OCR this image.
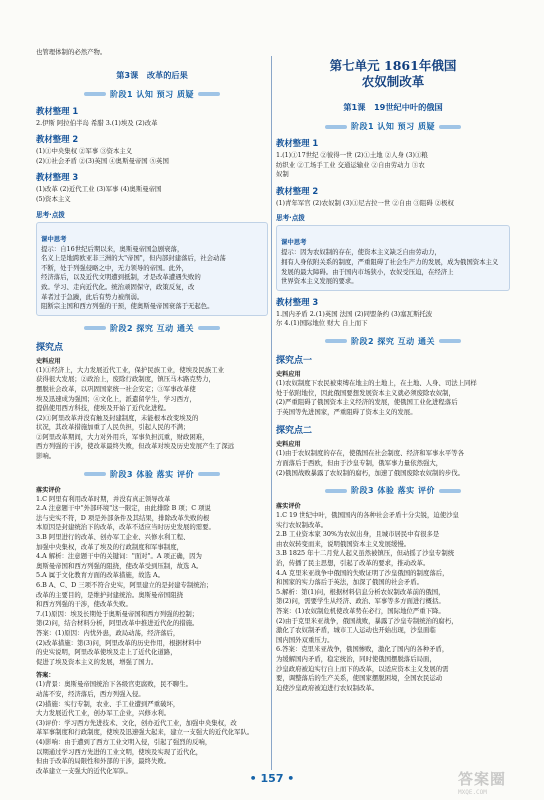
也管理体制的必然产物。

第3课 改革的后果
阶段1 认知 预习 质疑
教材整理 1

2.伊斯 阿拉伯半岛 希腊 3.(1)埃及 (2)改革

教材整理 2

(1)①中央集权 ②军事 ③资本主义

(2)①社会矛盾 ②(3)英国 ④奥斯曼帝国 ⑤英国

教材整理 3

(1)改革 (2)近代工业 (3)军事 (4)奥斯曼帝国

(5)资本主义

思考·点拨
课中思考

提示：自16世纪后期以来，奥斯曼帝国急剧衰落，

名义上是地跨欧亚非三洲的大"帝国"，但内部封建落后，社会动荡

不断，处于列强侵略之中，无力领导的帝国。此外，

经济落后，以及近代文明遭到抵制，才是改革遭遇失败的

致。学习、走向近代化。统治顽固保守，政策反复，改

革者过于急躁，此后有势力被削弱。

阻断宗主国和西方列强的干预，使奥斯曼帝国衰落于无起色。

阶段2 探究 互动 通关
探究点
史料应用

(1)①经济上，大力发展近代工业，保护民族工业，使埃及民族工业

获得很大发展；②政治上，废除行政制度，镇压马木路克势力，

摆脱社会改革，以巩固国家统一社会安定；③军事改革使

埃及迅速成为强国；④文化上，派遣留学生，学习西方，

提倡使用西方科技，使埃及开始了近代化进程。

(2)①阿里改革并没有触及封建制度，未能根本改变埃及的

状况，其改革措施加重了人民负担，引起人民的不满；

②阿里改革期间，大力对外用兵，军事负担沉重，财政困难，

西方列强的干涉，使改革最终失败，但改革对埃及历史发展产生了深远

影响。

阶段3 体验 落实 评价
落实评价

1.C 阿里有利用改革时期，并没有真正领导改革

2.A 注意题干中"外部环境"这一限定，由此排除 B 项；C 项说

法与史实不符，D 项是外部条件及其结果，排除改革失败的根

本原因是封建统治下的改革，改革不适应当时历史发展的需要。

3.B 阿里进行的改革、创办军工企业、兴修水利工程、

加强中央集权，改革了埃及的行政制度和军事制度，

4.A 解析：注意题干中的关键词："面对"。A 项正确，因为

奥斯曼帝国和西方列强的阻挠，使改革受到压制，故选 A。

5.A 属于文化教育方面的改革措施，故选 A。

6.B A、C、D 三项不符合史实，阿里建立的是封建专制统治；

改革的主要目的，是维护封建统治。奥斯曼帝国阻挠

和西方列强的干涉，使改革失败。

7.(1)原因：埃及长期处于奥斯曼帝国和西方列强的控制；

第(2)问，结合材料分析，阿里改革中推进近代化的措施。

答案：(1)原因：内忧外患，政局动荡，经济落后，

(2)改革措施：第(3)问，阿里改革的历史作用，根据材料中

的史实说明，阿里改革使埃及走上了近代化道路，

促进了埃及资本主义的发展，增强了国力。

答案：

(1)背景：奥斯曼帝国统治下各级官吏腐败，民不聊生。

动荡不安，经济落后，西方列强入侵。

(2)措施：实行专制，农业、手工业遭到严重破坏，

大力发展近代工业，创办军工企业，兴修水利。

(3)评价：学习西方先进技术、文化，创办近代工业，加强中央集权，改

革军事制度和行政制度，使埃及迅速强大起来，建立一支强大的近代化军队。

(4)影响：由于遭到了西方工业文明入侵，引起了强烈的反响，

以期通过学习西方先进的工业文明，使埃及实现了近代化，

但由于改革的局限性和外部的干涉，最终失败。

改革建立一支强大的近代化军队。

第七单元 1861年俄国
农奴制改革
第1课 19世纪中叶的俄国
阶段1 认知 预习 质疑
教材整理 1

1.(1)①17世纪 ②彼得一世 (2)①土地 ②人身 (3)①粮

纺织业 ②工场手工业 交通运输业 ②自由劳动力 ③农

奴制

教材整理 2

(1)青年军官 (2)农奴制 (3)①尼古拉一世 ②自由 ③阻碍 ②极权

思考·点拨
课中思考

提示：因为农奴制的存在，使资本主义缺乏自由劳动力，

拥有人身依附关系的制度，严重阻碍了社会生产力的发展，成为俄国资本主义

发展的最大障碍。由于国内市场狭小，农奴受压迫，在经济上

世界资本主义发展的要求。

教材整理 3

1.国内矛盾 2.(1)英国 法国 (2)同盟条约 (3)塞瓦斯托波

尔 4.(1)国际地位 财大 自上而下

阶段2 探究 互动 通关
探究点一
史料应用

(1)农奴制度下农民被束缚在地主的土地上，在土地、人身、司法上同样

处于依附地位，因此俄国要想发展资本主义就必须废除农奴制，

(2)严重阻碍了俄国资本主义经济的发展，使俄国工业化进程落后

于英国等先进国家，严重阻碍了资本主义的发展。

探究点二
史料应用

(1)由于农奴制度的存在，使俄国在社会制度、经济和军事水平等各

方面落后于西欧，但由于沙皇专制，俄军事力量依然强大，

(2)俄国战败暴露了农奴制的腐朽，加速了俄国废除农奴制的步伐。

阶段3 体验 落实 评价
落实评价

1.C 19 世纪中叶，俄国国内的各种社会矛盾十分尖锐，迫使沙皇

实行农奴制改革。

2.B 工业资本家 30%为农奴出身，且城市居民中有很多是

由农奴转变而来，说明俄国资本主义发展缓慢。

3.B 1825 年十二月党人起义虽然被镇压，但动摇了沙皇专制统

治，传播了民主思想，引起了改革的要求，推动改革。

4.A 克里米亚战争中俄国的失败证明了沙皇俄国的制度落后，

和国家的实力落后于英法，加深了俄国的社会矛盾。

5.解析：第(1)问，根据材料信息分析农奴制改革前的俄国，

第(2)问，需要学生从经济、政治、军事等多方面进行概括。

答案：(1)农奴制危机使改革势在必行，国际地位严重下降。

(2)由于克里米亚战争，俄国战败，暴露了沙皇专制统治的腐朽，

激化了农奴制矛盾，城市工人运动也开始出现，沙皇面临

国内国外双重压力。

6.答案：克里米亚战争，俄国惨败，激化了国内的各种矛盾，

为缓解国内矛盾，稳定统治，同时使俄国摆脱落后局面，

沙皇政府被迫实行自上而下的改革，以适应资本主义发展的需

要，调整落后的生产关系，使国家摆脱困境，全国农民运动

迫使沙皇政府被迫进行农奴制改革。

• 157 •	答案圈
MXQE.COM
